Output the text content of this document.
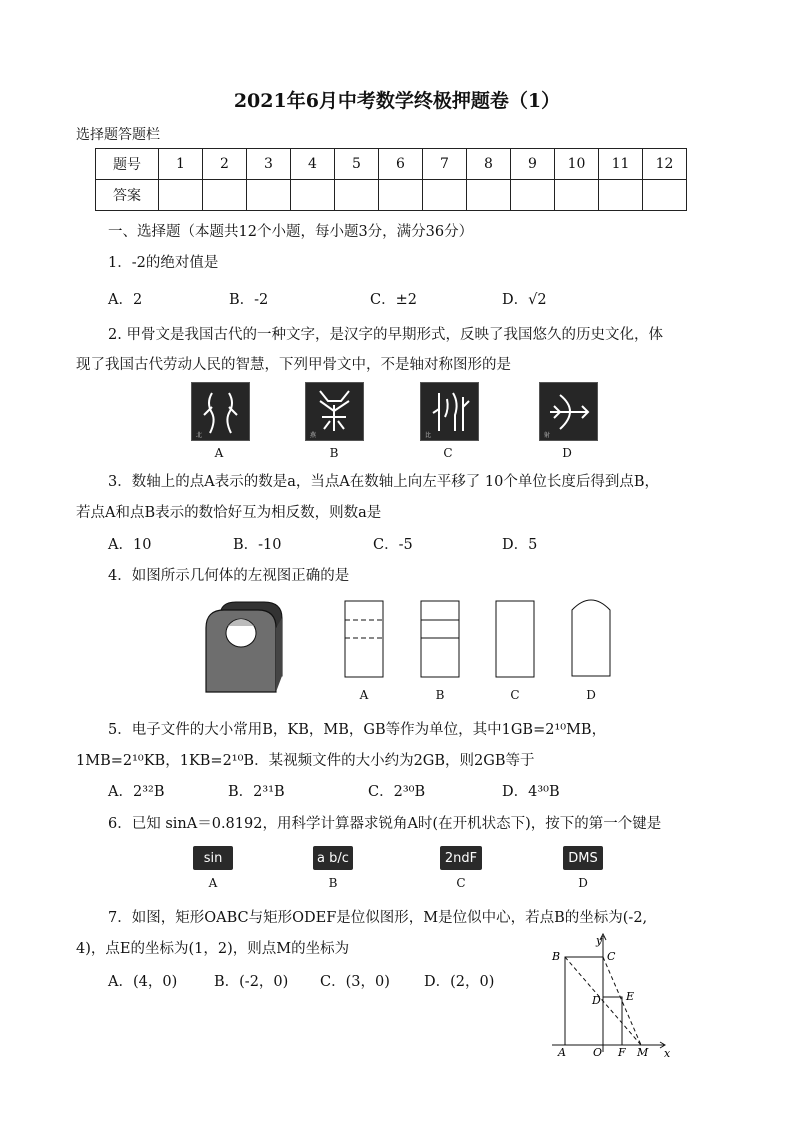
2021年6月中考数学终极押题卷（1）
选择题答题栏
题号	1	2	3	4	5	6	7	8	9	10	11	12
答案												
一、选择题（本题共12个小题，每小题3分，满分36分）
1．-2的绝对值是
A．2	B．-2	C．±2	D．√2
2. 甲骨文是我国古代的一种文字，是汉字的早期形式，反映了我国悠久的历史文化，体
现了我国古代劳动人民的智慧，下列甲骨文中，不是轴对称图形的是
北	燕	比	射
A	B	C	D
3．数轴上的点A表示的数是a，当点A在数轴上向左平移了 10个单位长度后得到点B，
若点A和点B表示的数恰好互为相反数，则数a是
A．10	B．-10	C．-5	D．5
4．如图所示几何体的左视图正确的是
A	B	C	D
5．电子文件的大小常用B，KB，MB，GB等作为单位，其中1GB=2¹⁰MB，
1MB=2¹⁰KB，1KB=2¹⁰B．某视频文件的大小约为2GB，则2GB等于
A．2³²B	B．2³¹B	C．2³⁰B	D．4³⁰B
6．已知 sinA＝0.8192，用科学计算器求锐角A时(在开机状态下)，按下的第一个键是
sin	a b/c	2ndF	DMS
A	B	C	D
7．如图，矩形OABC与矩形ODEF是位似图形，M是位似中心，若点B的坐标为(-2,
4)，点E的坐标为(1，2)，则点M的坐标为
A．(4，0)	B．(-2，0) C．(3，0) D．(2，0)
y
x
B	C
D E
A O F M
